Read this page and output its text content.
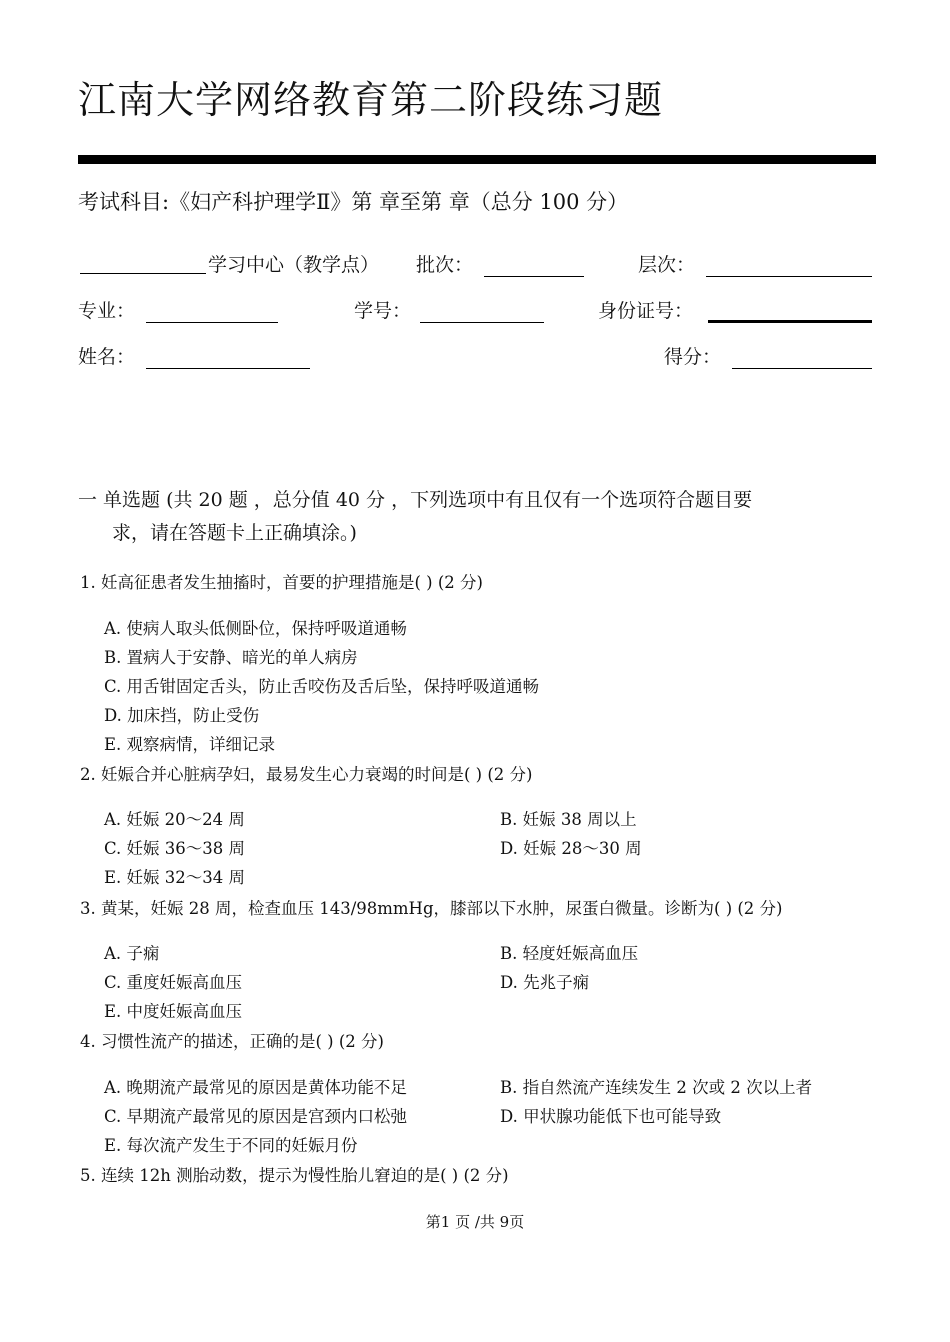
江南大学网络教育第二阶段练习题
考试科目:《妇产科护理学Ⅱ》第 章至第 章（总分 100 分）
学习中心（教学点） 批次：	层次：
专业：	学号：	身份证号：
姓名：	得分：
一 单选题 (共 20 题 ，总分值 40 分 ，下列选项中有且仅有一个选项符合题目要
求，请在答题卡上正确填涂。)
1. 妊高征患者发生抽搐时，首要的护理措施是( ) (2 分)
A. 使病人取头低侧卧位，保持呼吸道通畅
B. 置病人于安静、暗光的单人病房
C. 用舌钳固定舌头，防止舌咬伤及舌后坠，保持呼吸道通畅
D. 加床挡，防止受伤
E. 观察病情，详细记录
2. 妊娠合并心脏病孕妇，最易发生心力衰竭的时间是( ) (2 分)
A. 妊娠 20～24 周	B. 妊娠 38 周以上
C. 妊娠 36～38 周	D. 妊娠 28～30 周
E. 妊娠 32～34 周
3. 黄某，妊娠 28 周，检查血压 143/98mmHg，膝部以下水肿，尿蛋白微量。诊断为( ) (2 分)
A. 子痫	B. 轻度妊娠高血压
C. 重度妊娠高血压	D. 先兆子痫
E. 中度妊娠高血压
4. 习惯性流产的描述，正确的是( ) (2 分)
A. 晚期流产最常见的原因是黄体功能不足	B. 指自然流产连续发生 2 次或 2 次以上者
C. 早期流产最常见的原因是宫颈内口松弛	D. 甲状腺功能低下也可能导致
E. 每次流产发生于不同的妊娠月份
5. 连续 12h 测胎动数，提示为慢性胎儿窘迫的是( ) (2 分)
第1 页 /共 9页
